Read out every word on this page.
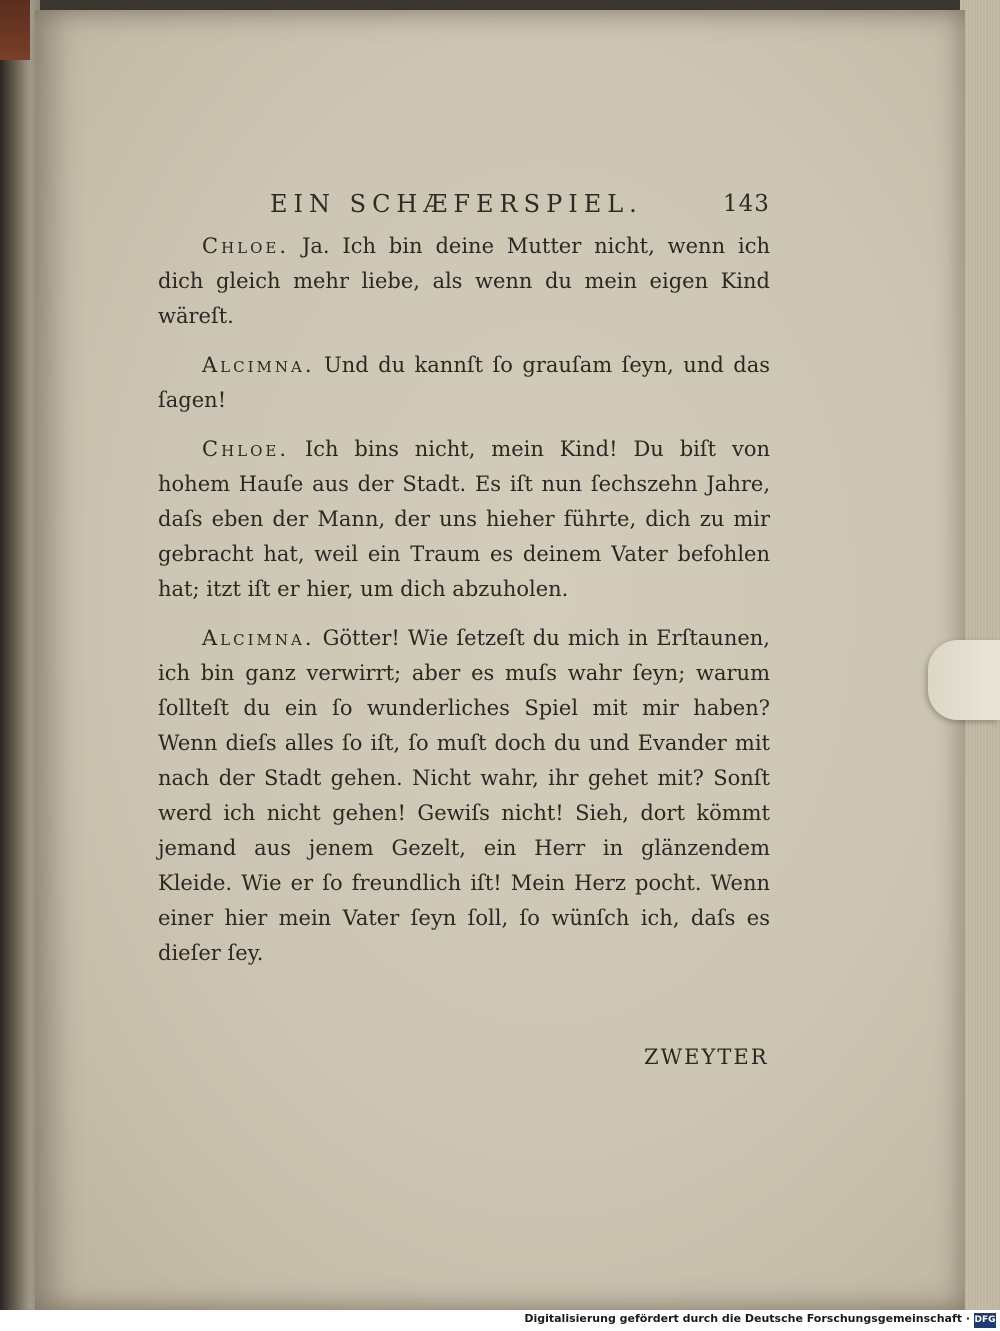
EIN SCHÆFERSPIEL.	143

Chloe. Ja. Ich bin deine Mutter nicht, wenn ich dich gleich mehr liebe, als wenn du mein eigen Kind wäreſt.

Alcimna. Und du kannſt ſo grauſam ſeyn, und das ſagen!

Chloe. Ich bins nicht, mein Kind! Du biſt von hohem Hauſe aus der Stadt. Es iſt nun ſechszehn Jahre, daſs eben der Mann, der uns hieher führte, dich zu mir gebracht hat, weil ein Traum es deinem Vater befohlen hat; itzt iſt er hier, um dich abzuholen.

Alcimna. Götter! Wie ſetzeſt du mich in Erſtaunen, ich bin ganz verwirrt; aber es muſs wahr ſeyn; warum ſollteſt du ein ſo wunderliches Spiel mit mir haben? Wenn dieſs alles ſo iſt, ſo muſt doch du und Evander mit nach der Stadt gehen. Nicht wahr, ihr gehet mit? Sonſt werd ich nicht gehen! Gewiſs nicht! Sieh, dort kömmt jemand aus jenem Gezelt, ein Herr in glänzendem Kleide. Wie er ſo freundlich iſt! Mein Herz pocht. Wenn einer hier mein Vater ſeyn ſoll, ſo wünſch ich, daſs es dieſer ſey.

ZWEYTER
Digitalisierung gefördert durch die Deutsche Forschungsgemeinschaft · DFG
